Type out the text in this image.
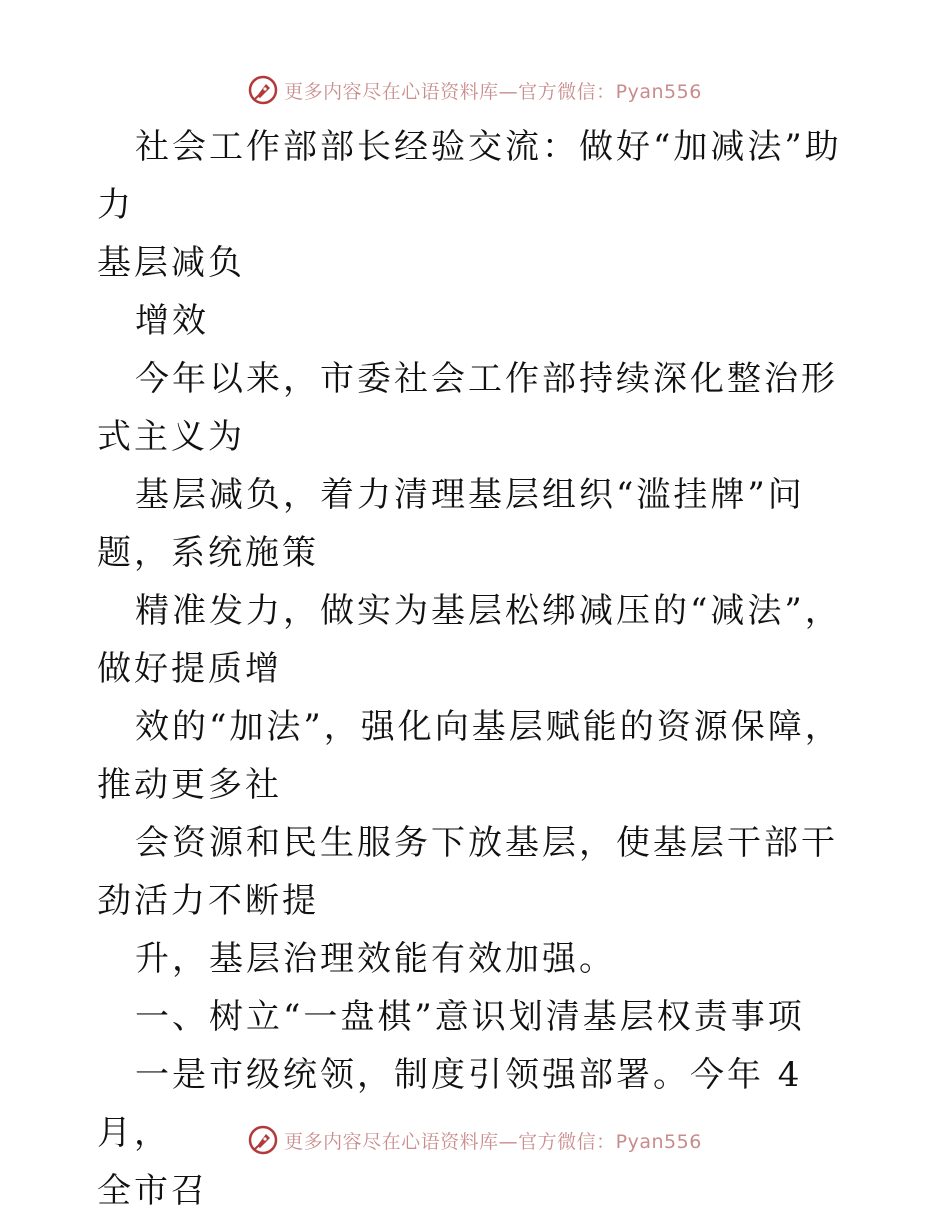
更多内容尽在心语资料库—官方微信：Pyan556

社会工作部部长经验交流：做好“加减法”助力

基层减负

增效

今年以来，市委社会工作部持续深化整治形式主义为

基层减负，着力清理基层组织“滥挂牌”问题，系统施策

精准发力，做实为基层松绑减压的“减法”，做好提质增

效的“加法”，强化向基层赋能的资源保障，推动更多社

会资源和民生服务下放基层，使基层干部干劲活力不断提

升，基层治理效能有效加强。

一、树立“一盘棋”意识划清基层权责事项

一是市级统领，制度引领强部署。今年 4月，

全市召

更多内容尽在心语资料库—官方微信：Pyan556
